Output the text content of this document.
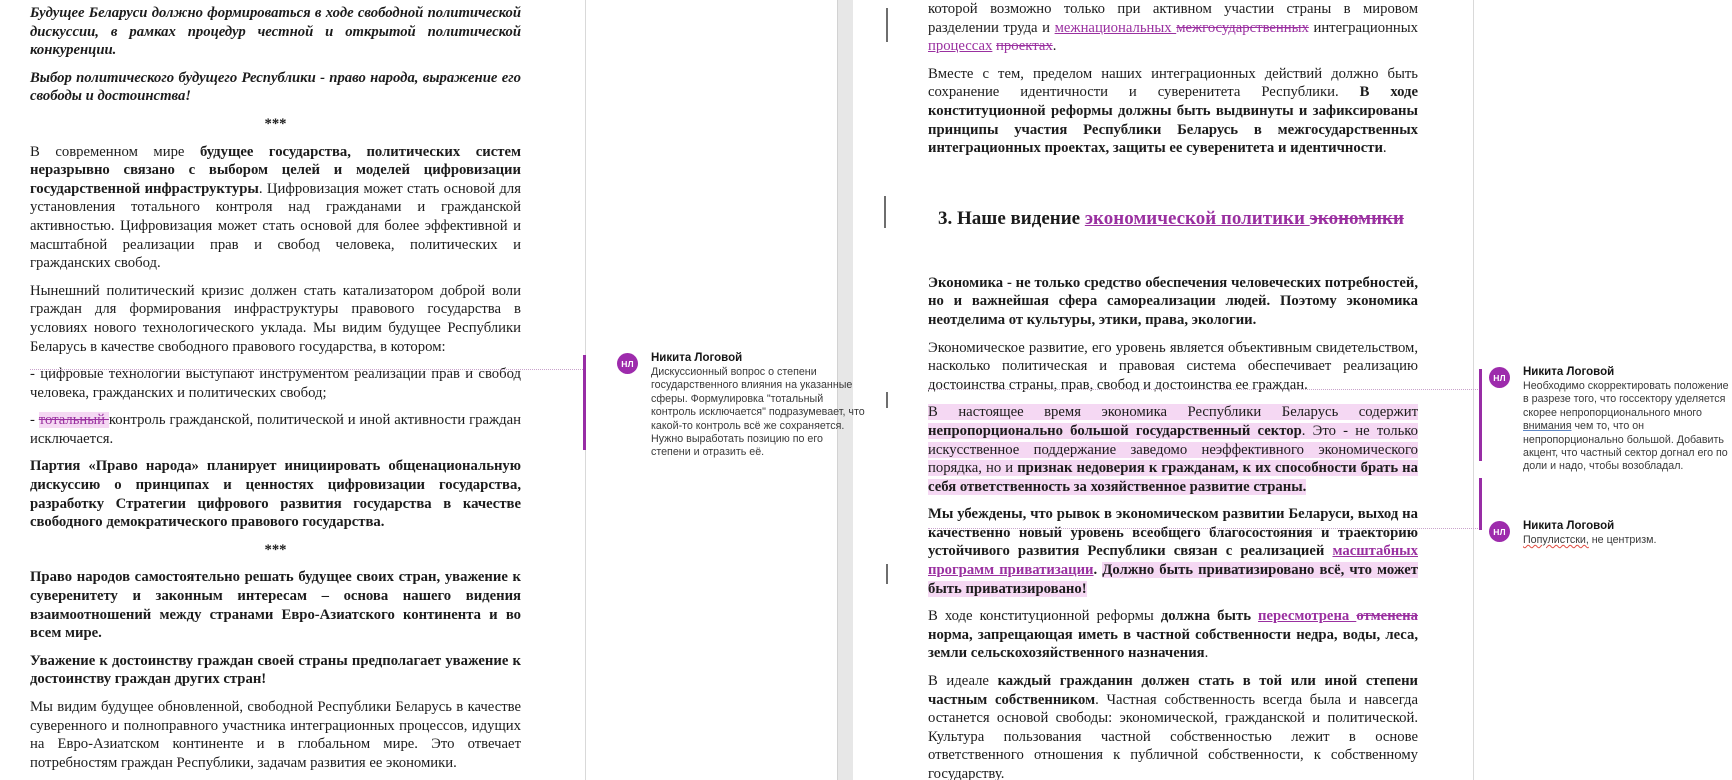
Будущее Беларуси должно формироваться в ходе свободной политической дискуссии, в рамках процедур честной и открытой политической конкуренции.

Выбор политического будущего Республики - право народа, выражение его свободы и достоинства!

***

В современном мире будущее государства, политических систем неразрывно связано с выбором целей и моделей цифровизации государственной инфраструктуры. Цифровизация может стать основой для установления тотального контроля над гражданами и гражданской активностью. Цифровизация может стать основой для более эффективной и масштабной реализации прав и свобод человека, политических и гражданских свобод.

Нынешний политический кризис должен стать катализатором доброй воли граждан для формирования инфраструктуры правового государства в условиях нового технологического уклада. Мы видим будущее Республики Беларусь в качестве свободного правового государства, в котором:

- цифровые технологии выступают инструментом реализации прав и свобод человека, гражданских и политических свобод;

- тотальный контроль гражданской, политической и иной активности граждан исключается.

Партия «Право народа» планирует инициировать общенациональную дискуссию о принципах и ценностях цифровизации государства, разработку Стратегии цифрового развития государства в качестве свободного демократического правового государства.

***

Право народов самостоятельно решать будущее своих стран, уважение к суверенитету и законным интересам – основа нашего видения взаимоотношений между странами Евро-Азиатского континента и во всем мире.

Уважение к достоинству граждан своей страны предполагает уважение к достоинству граждан других стран!

Мы видим будущее обновленной, свободной Республики Беларусь в качестве суверенного и полноправного участника интеграционных процессов, идущих на Евро-Азиатском континенте и в глобальном мире. Это отвечает потребностям граждан Республики, задачам развития ее экономики.

которой возможно только при активном участии страны в мировом разделении труда и межнациональных межгосударственных интеграционных процессах проектах.

Вместе с тем, пределом наших интеграционных действий должно быть сохранение идентичности и суверенитета Республики. В ходе конституционной реформы должны быть выдвинуты и зафиксированы принципы участия Республики Беларусь в межгосударственных интеграционных проектах, защиты ее суверенитета и идентичности.

3. Наше видение экономической политики экономики

Экономика - не только средство обеспечения человеческих потребностей, но и важнейшая сфера самореализации людей. Поэтому экономика неотделима от культуры, этики, права, экологии.

Экономическое развитие, его уровень является объективным свидетельством, насколько политическая и правовая система обеспечивает реализацию достоинства страны, прав, свобод и достоинства ее граждан.

В настоящее время экономика Республики Беларусь содержит непропорционально большой государственный сектор. Это - не только искусственное поддержание заведомо неэффективного экономического порядка, но и признак недоверия к гражданам, к их способности брать на себя ответственность за хозяйственное развитие страны.

Мы убеждены, что рывок в экономическом развитии Беларуси, выход на качественно новый уровень всеобщего благосостояния и траекторию устойчивого развития Республики связан с реализацией масштабных программ приватизации. Должно быть приватизировано всё, что может быть приватизировано!

В ходе конституционной реформы должна быть пересмотрена отменена норма, запрещающая иметь в частной собственности недра, воды, леса, земли сельскохозяйственного назначения.

В идеале каждый гражданин должен стать в той или иной степени частным собственником. Частная собственность всегда была и навсегда останется основой свободы: экономической, гражданской и политической. Культура пользования частной собственностью лежит в основе ответственного отношения к публичной собственности, к собственному государству.

НЛ	Никита Логовой
Дискуссионный вопрос о степени государственного влияния на указанные сферы. Формулировка "тотальный контроль исключается" подразумевает, что какой-то контроль всё же сохраняется. Нужно выработать позицию по его степени и отразить её.
НЛ	Никита Логовой
Необходимо скорректировать положение в разрезе того, что госсектору уделяется скорее непропорционального много внимания чем то, что он непропорционально большой. Добавить акцент, что частный сектор догнал его по доли и надо, чтобы возобладал.
НЛ	Никита Логовой
Популистски, не центризм.
